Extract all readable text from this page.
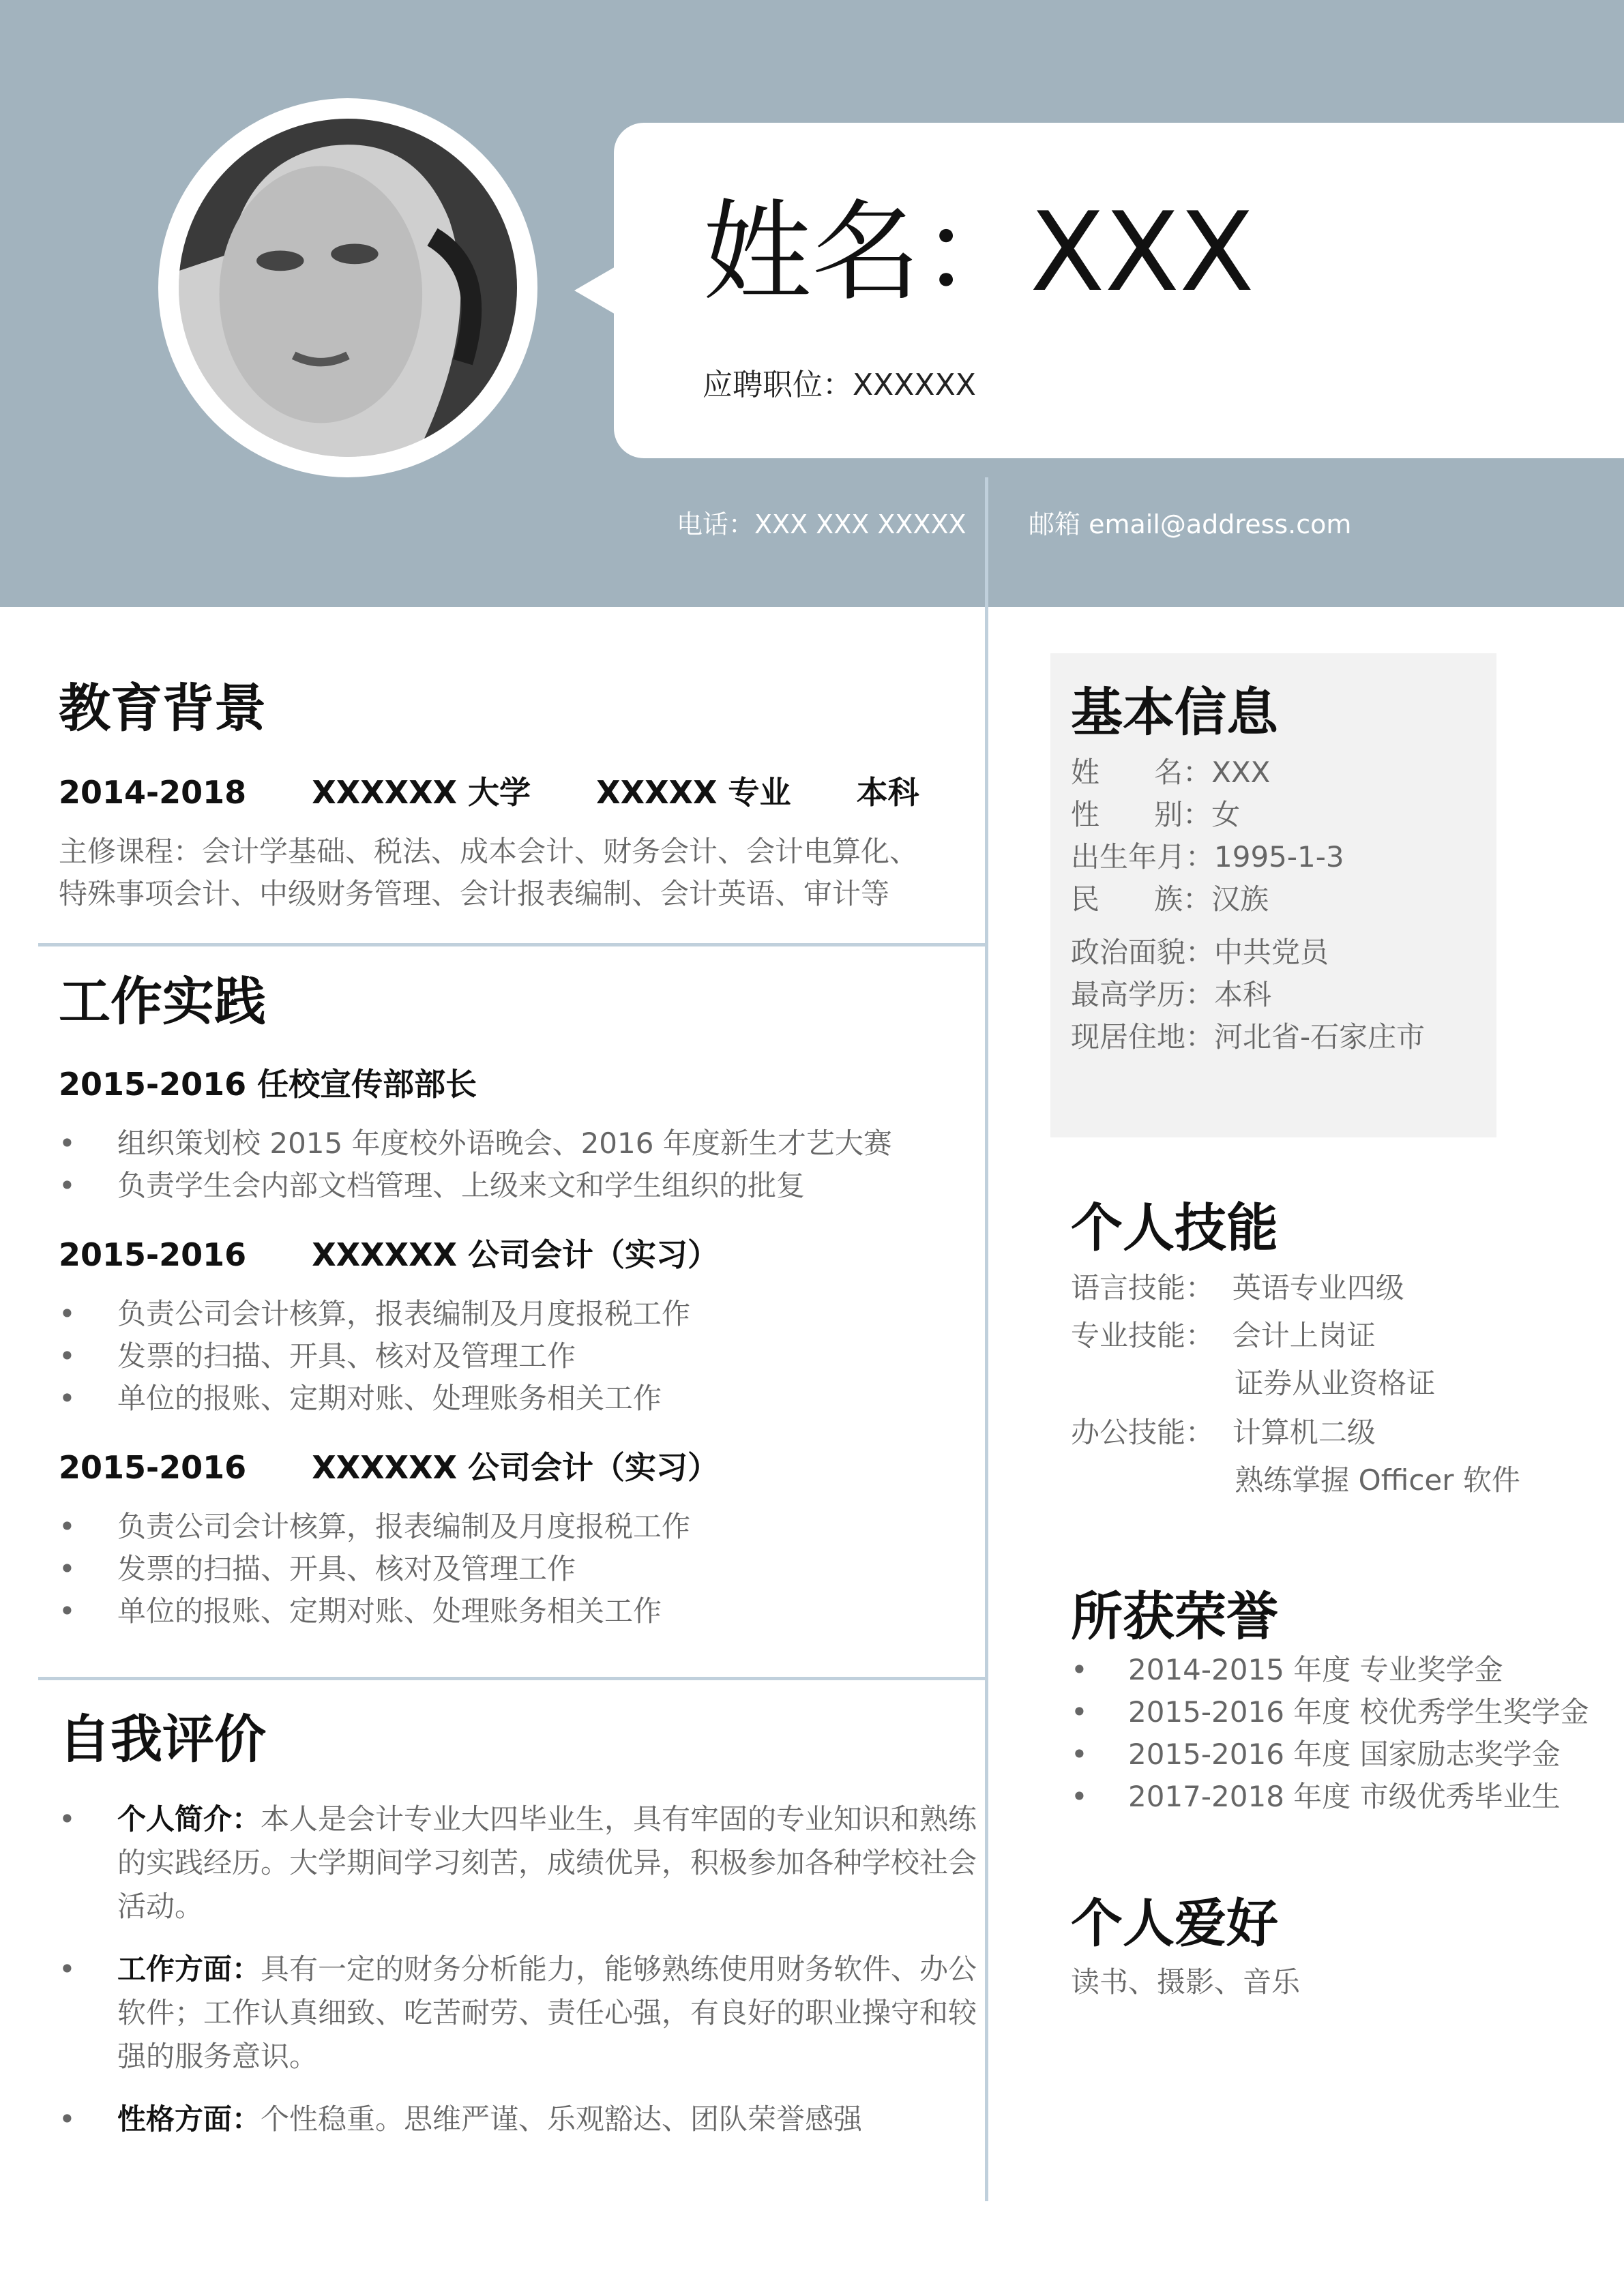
姓名：XXX
应聘职位：XXXXXX
电话：XXX XXX XXXXX 邮箱 email@address.com
教育背景
2014-2018      XXXXXX 大学      XXXXX 专业      本科
主修课程：会计学基础、税法、成本会计、财务会计、会计电算化、特殊事项会计、中级财务管理、会计报表编制、会计英语、审计等
工作实践
2015-2016 任校宣传部部长
• 组织策划校 2015 年度校外语晚会、2016 年度新生才艺大赛
• 负责学生会内部文档管理、上级来文和学生组织的批复
2015-2016      XXXXXX 公司会计（实习）
• 负责公司会计核算，报表编制及月度报税工作
• 发票的扫描、开具、核对及管理工作
• 单位的报账、定期对账、处理账务相关工作
2015-2016      XXXXXX 公司会计（实习）
• 负责公司会计核算，报表编制及月度报税工作
• 发票的扫描、开具、核对及管理工作
• 单位的报账、定期对账、处理账务相关工作
自我评价
• 个人简介：本人是会计专业大四毕业生，具有牢固的专业知识和熟练的实践经历。大学期间学习刻苦，成绩优异，积极参加各种学校社会活动。
• 工作方面：具有一定的财务分析能力，能够熟练使用财务软件、办公软件；工作认真细致、吃苦耐劳、责任心强，有良好的职业操守和较强的服务意识。
• 性格方面：个性稳重。思维严谨、乐观豁达、团队荣誉感强
基本信息
姓      名：XXX
性      别：女
出生年月：1995-1-3
民      族：汉族
政治面貌：中共党员
最高学历：本科
现居住地：河北省-石家庄市
个人技能
语言技能：  英语专业四级
专业技能：  会计上岗证
证券从业资格证
办公技能：  计算机二级
熟练掌握 Officer 软件
所获荣誉
• 2014-2015 年度 专业奖学金
• 2015-2016 年度 校优秀学生奖学金
• 2015-2016 年度 国家励志奖学金
• 2017-2018 年度 市级优秀毕业生
个人爱好
读书、摄影、音乐
